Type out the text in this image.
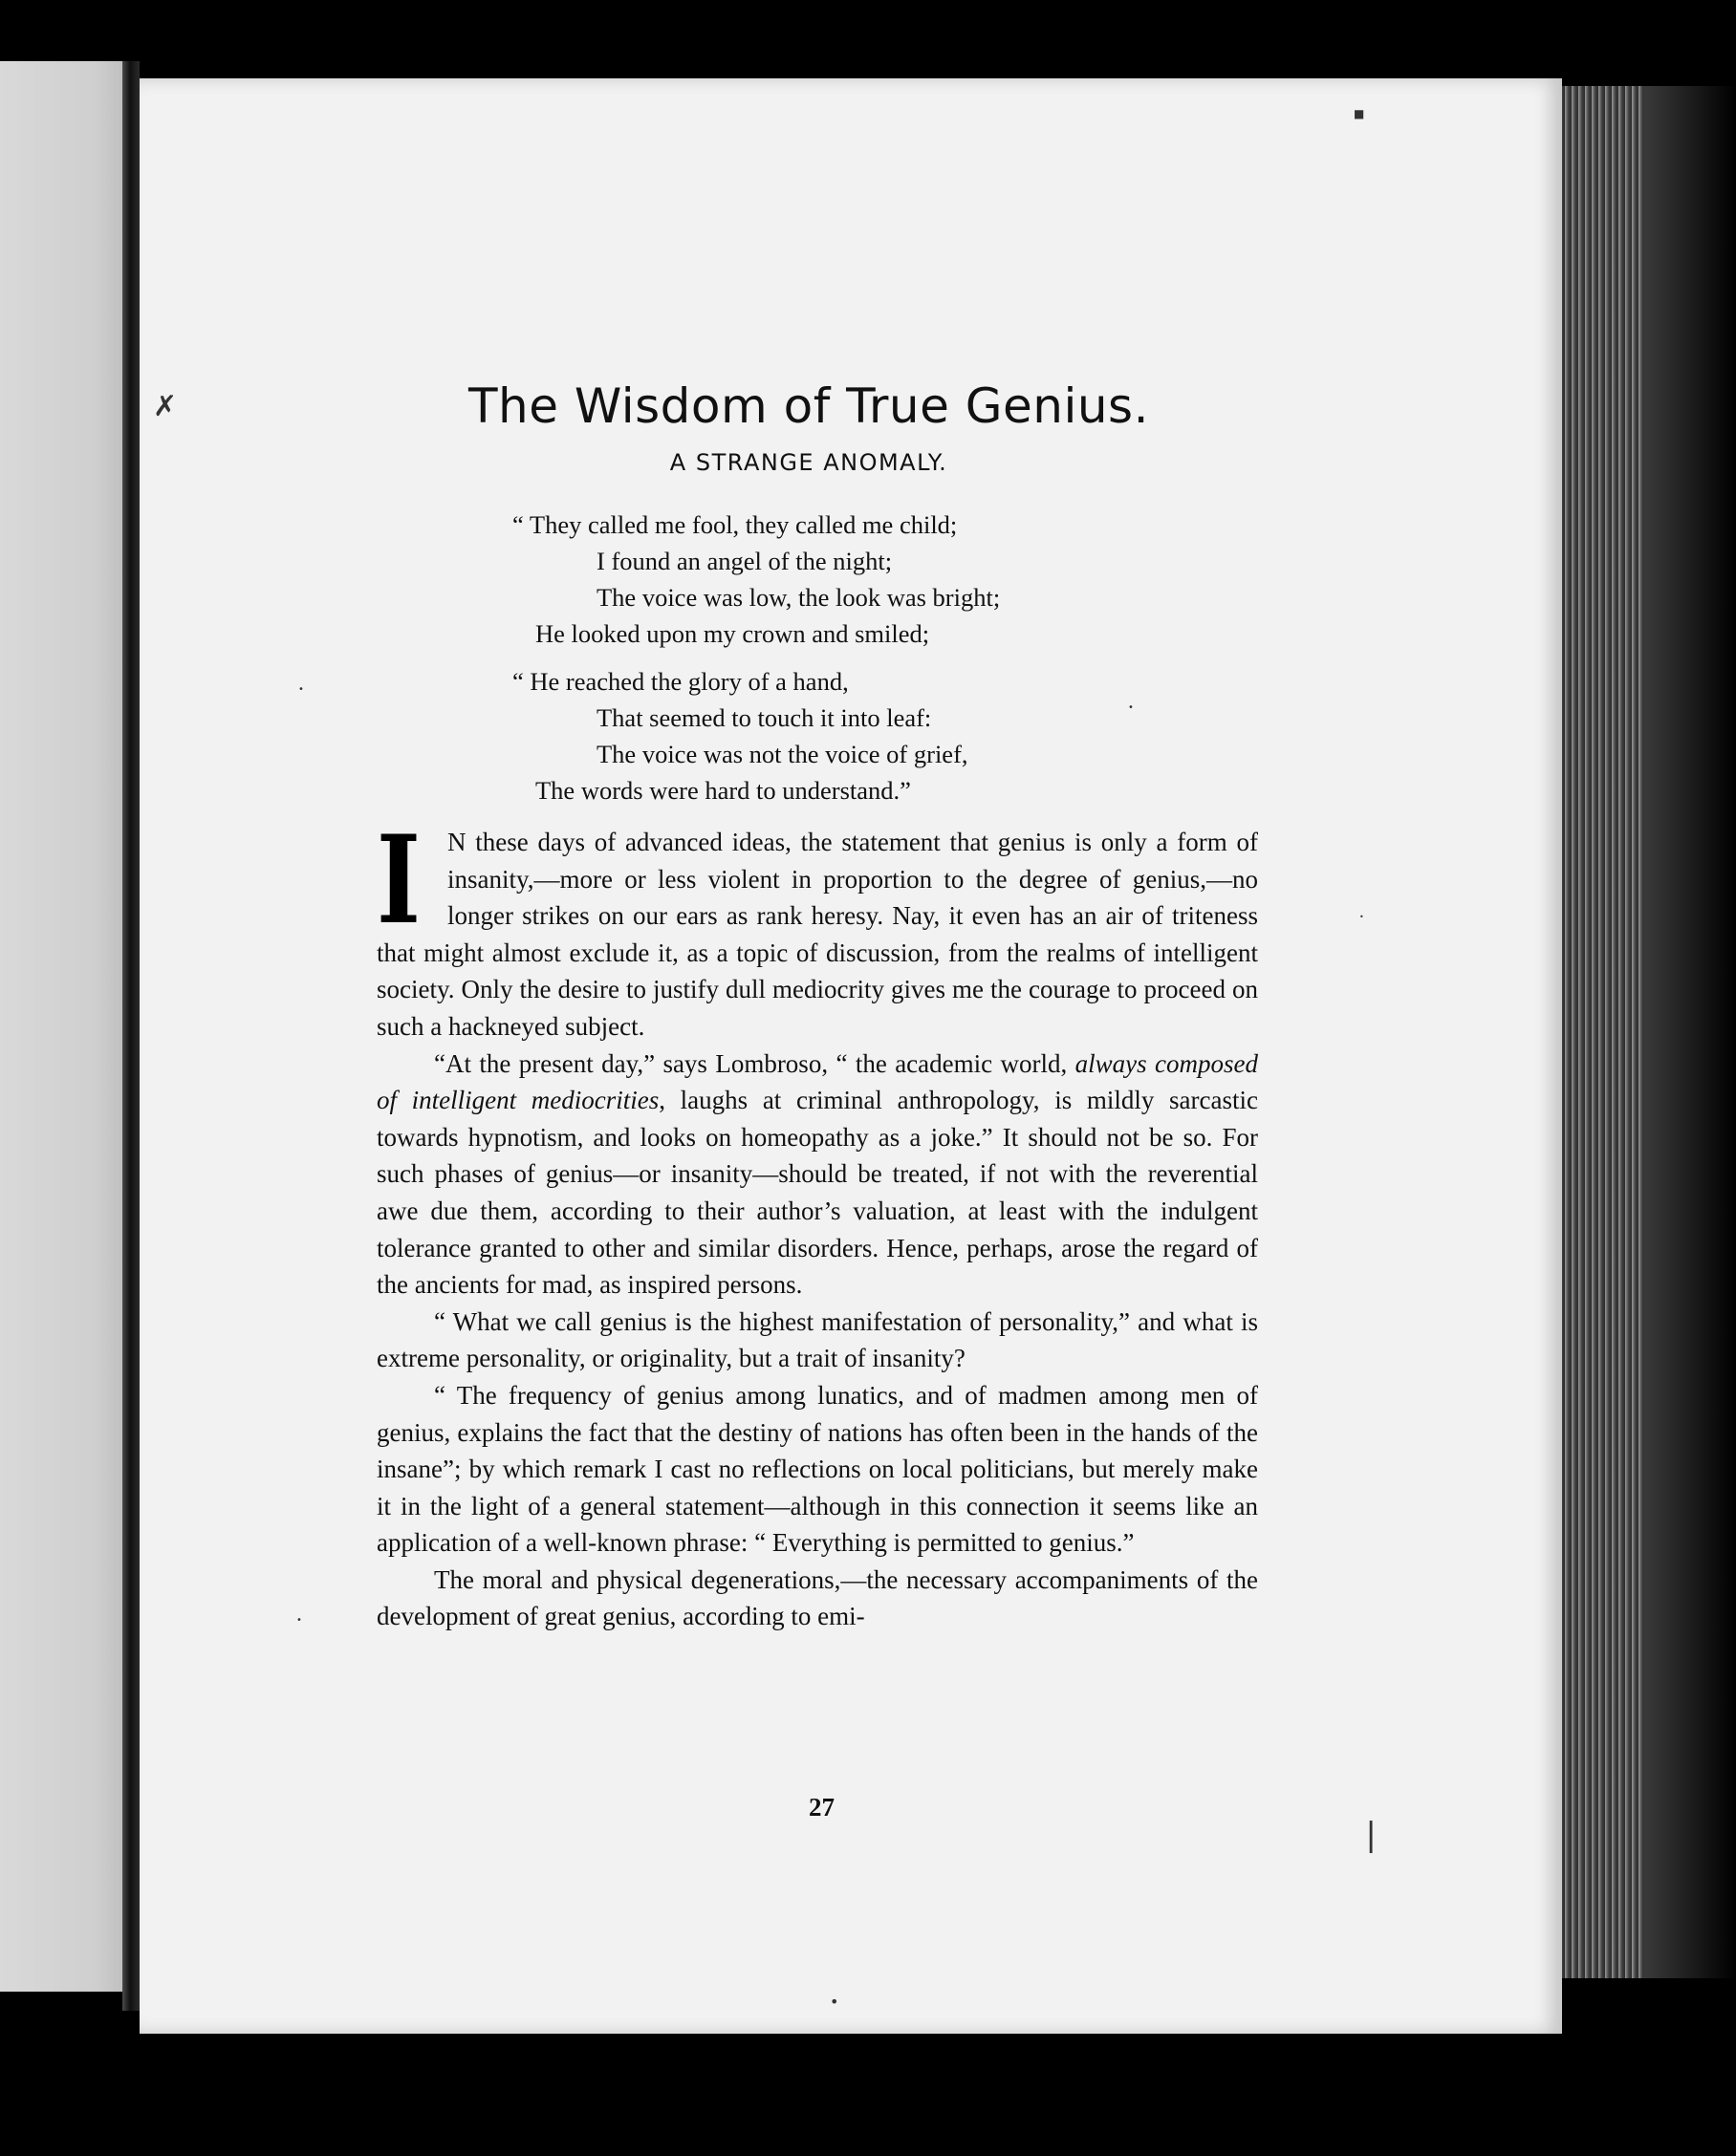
The Wisdom of True Genius.
A STRANGE ANOMALY.
“ They called me fool, they called me child;
I found an angel of the night;
The voice was low, the look was bright;
He looked upon my crown and smiled;
“ He reached the glory of a hand,
That seemed to touch it into leaf:
The voice was not the voice of grief,
The words were hard to understand.”

I N these days of advanced ideas, the statement that genius is only a form of insanity,—more or less violent in proportion to the degree of genius,—no longer strikes on our ears as rank heresy. Nay, it even has an air of triteness that might almost exclude it, as a topic of discussion, from the realms of intelligent society. Only the desire to justify dull mediocrity gives me the courage to proceed on such a hackneyed subject.

“At the present day,” says Lombroso, “ the academic world, always composed of intelligent mediocrities, laughs at criminal anthropology, is mildly sarcastic towards hypnotism, and looks on homeopathy as a joke.” It should not be so. For such phases of genius—or insanity—should be treated, if not with the reverential awe due them, according to their author’s valuation, at least with the indulgent tolerance granted to other and similar disorders. Hence, perhaps, arose the regard of the ancients for mad, as inspired persons.

“ What we call genius is the highest manifestation of personality,” and what is extreme personality, or originality, but a trait of insanity?

“ The frequency of genius among lunatics, and of madmen among men of genius, explains the fact that the destiny of nations has often been in the hands of the insane”; by which remark I cast no reflections on local politicians, but merely make it in the light of a general statement—although in this connection it seems like an application of a well-known phrase: “ Everything is permitted to genius.”

The moral and physical degenerations,—the necessary accompaniments of the development of great genius, according to emi-

27
✗
■
•
•
•
•
❘
•
